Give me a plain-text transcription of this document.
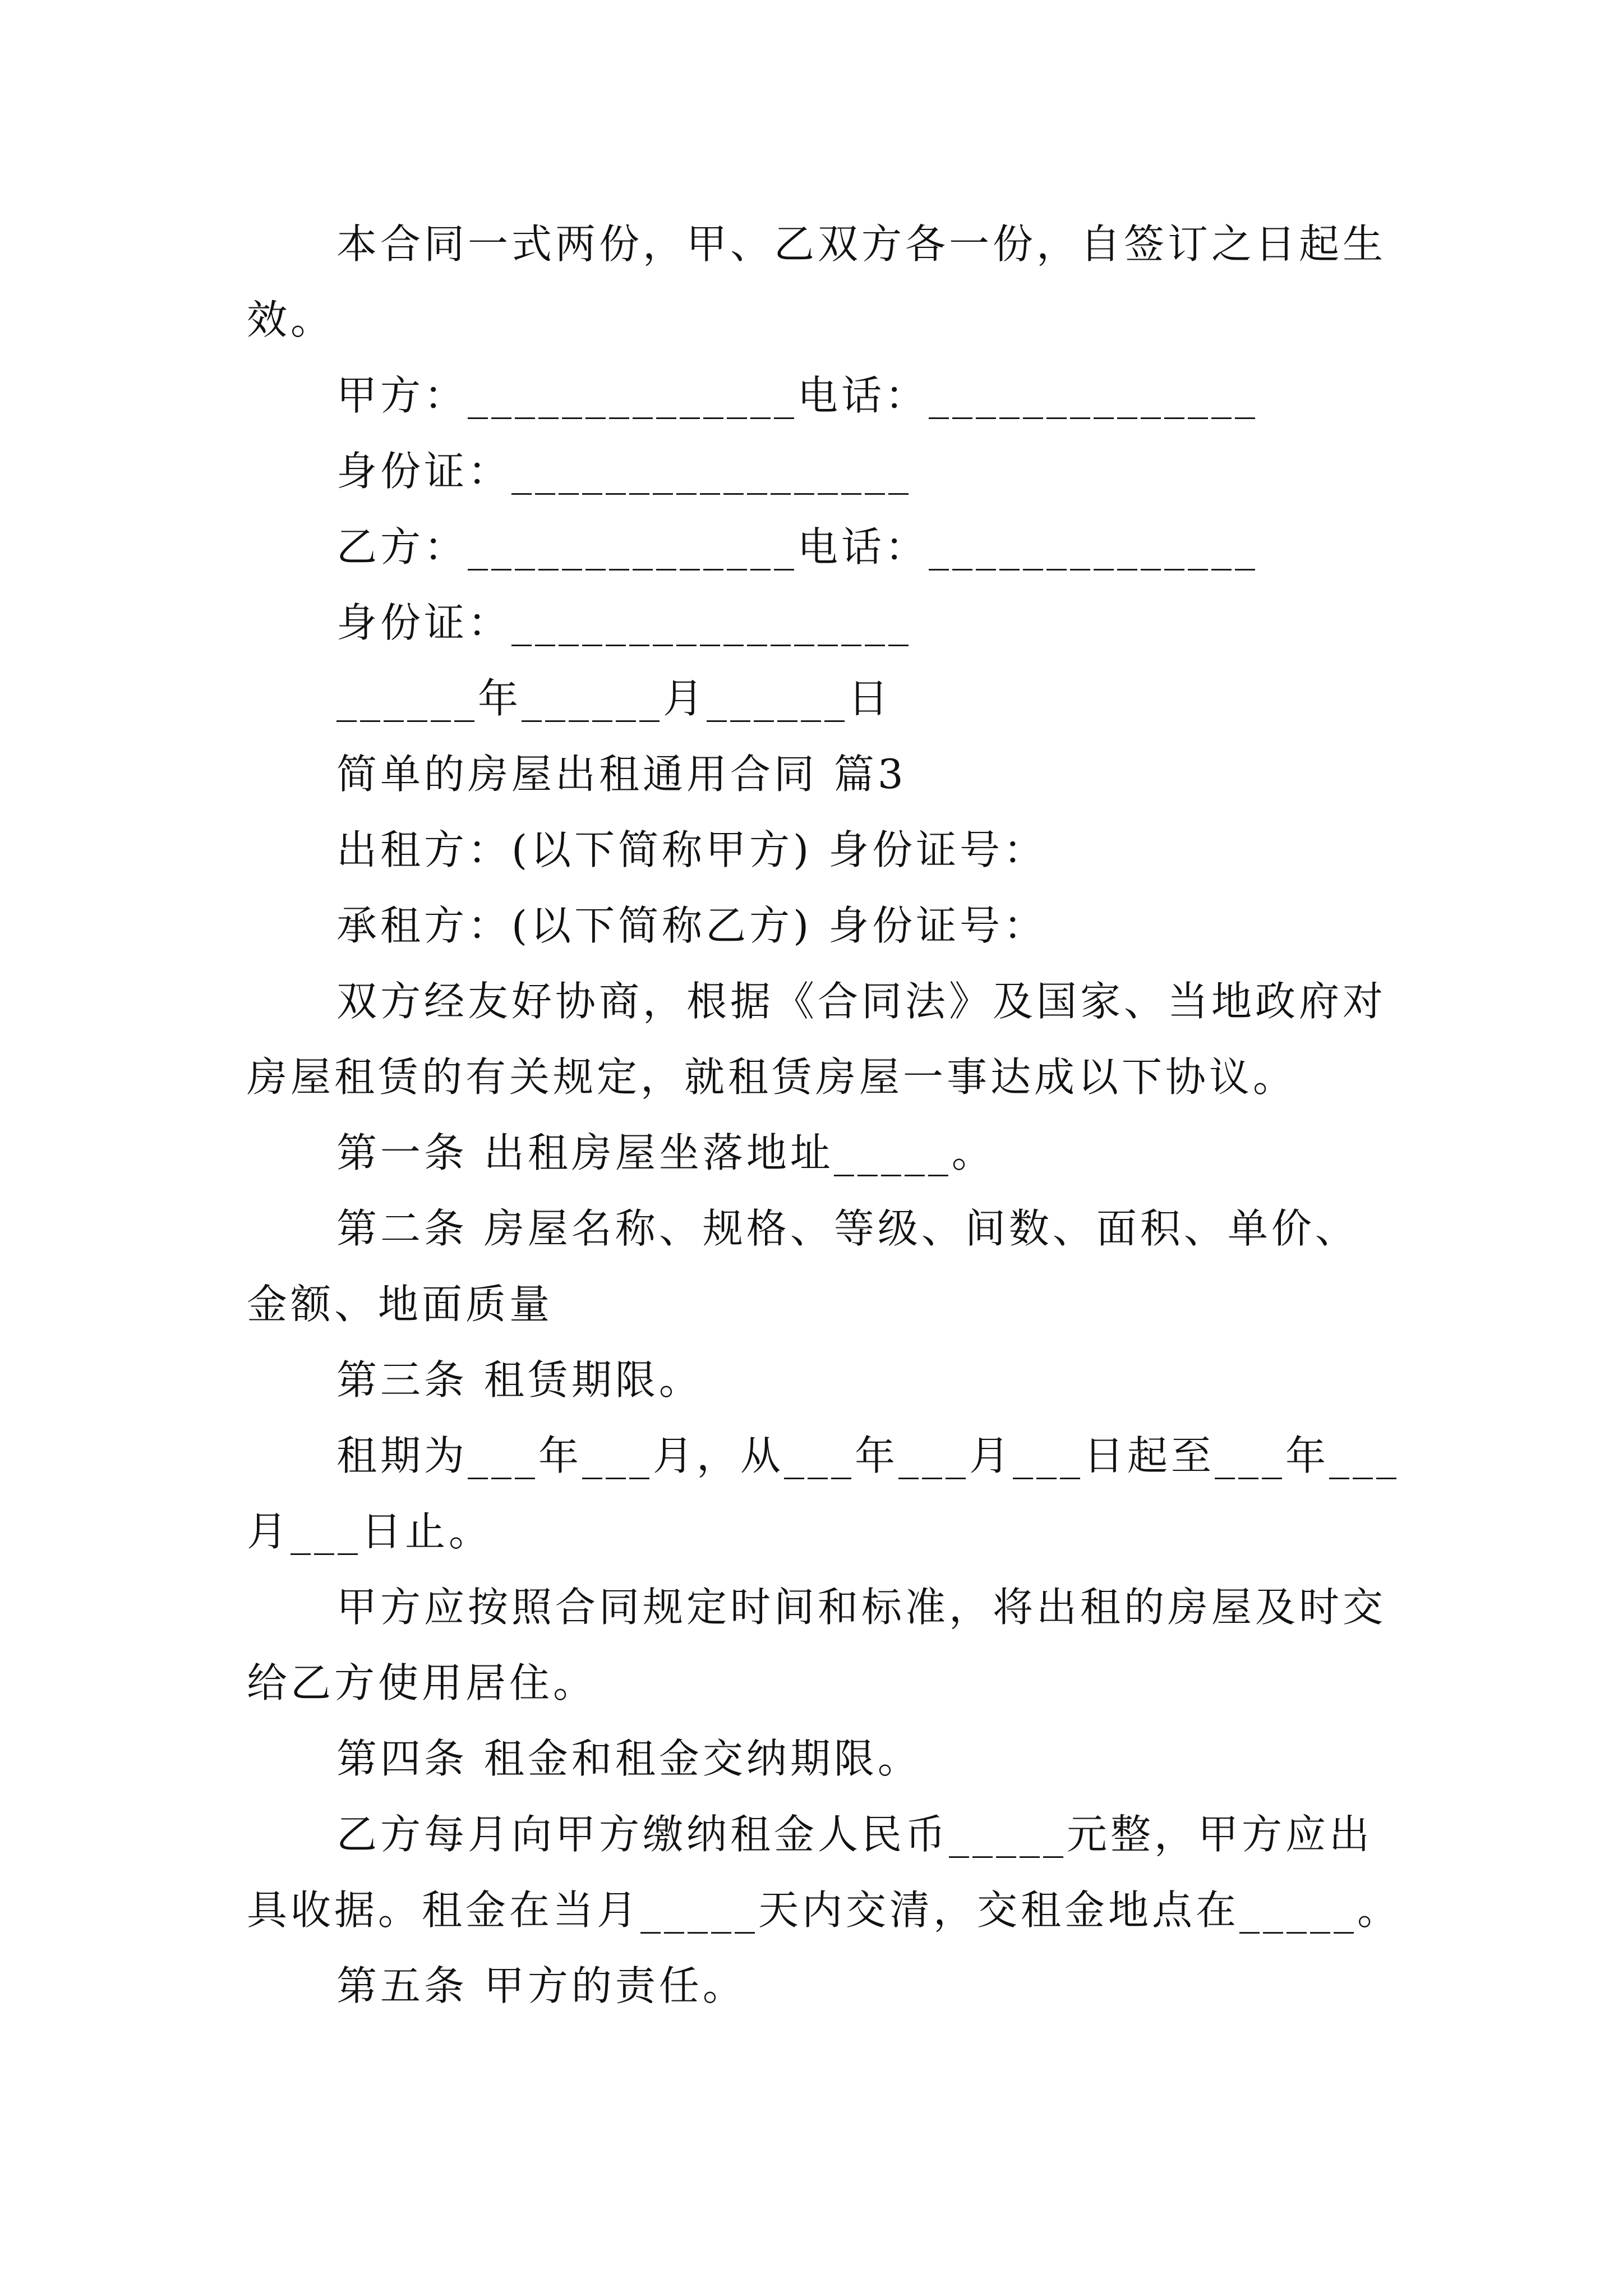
本合同一式两份，甲、乙双方各一份，自签订之日起生
效。
甲方：______________电话：______________
身份证：_________________
乙方：______________电话：______________
身份证：_________________
______年______月______日
简单的房屋出租通用合同 篇3
出租方：(以下简称甲方) 身份证号：
承租方：(以下简称乙方) 身份证号：
双方经友好协商，根据《合同法》及国家、当地政府对
房屋租赁的有关规定，就租赁房屋一事达成以下协议。
第一条 出租房屋坐落地址_____。
第二条 房屋名称、规格、等级、间数、面积、单价、
金额、地面质量
第三条 租赁期限。
租期为___年___月，从___年___月___日起至___年___
月___日止。
甲方应按照合同规定时间和标准，将出租的房屋及时交
给乙方使用居住。
第四条 租金和租金交纳期限。
乙方每月向甲方缴纳租金人民币_____元整，甲方应出
具收据。租金在当月_____天内交清，交租金地点在_____。
第五条 甲方的责任。
